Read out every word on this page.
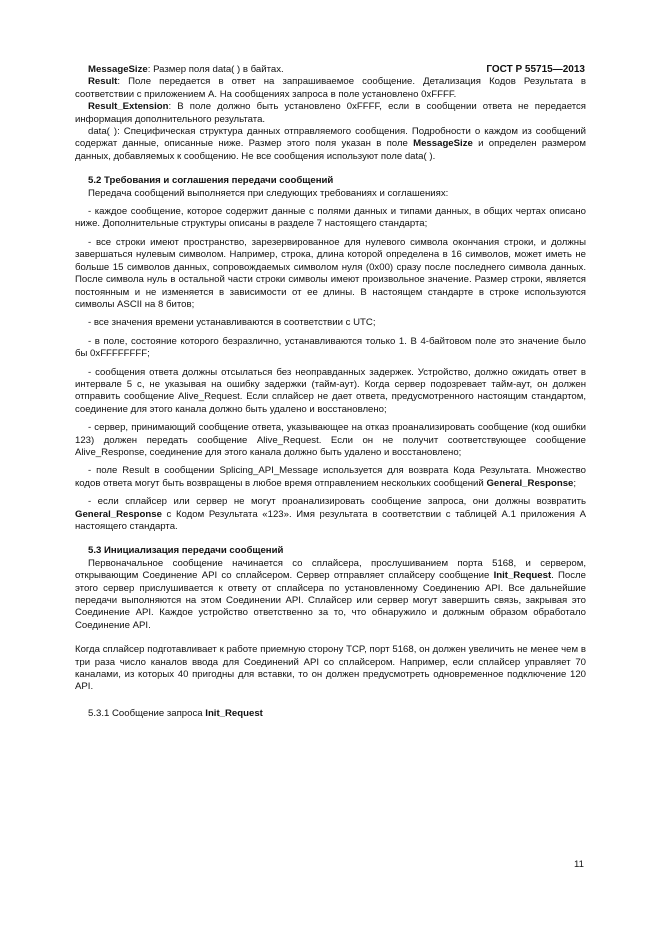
ГОСТ Р 55715—2013

MessageSize: Размер поля data( ) в байтах.

Result: Поле передается в ответ на запрашиваемое сообщение. Детализация Кодов Результата в соответствии с приложением А. На сообщениях запроса в поле установлено 0xFFFF.

Result_Extension: В поле должно быть установлено 0xFFFF, если в сообщении ответа не передается информация дополнительного результата.

data( ): Специфическая структура данных отправляемого сообщения. Подробности о каждом из сообщений содержат данные, описанные ниже. Размер этого поля указан в поле MessageSize и определен размером данных, добавляемых к сообщению. Не все сообщения используют поле data( ).

5.2 Требования и соглашения передачи сообщений

Передача сообщений выполняется при следующих требованиях и соглашениях:

- каждое сообщение, которое содержит данные с полями данных и типами данных, в общих чертах описано ниже. Дополнительные структуры описаны в разделе 7 настоящего стандарта;

- все строки имеют пространство, зарезервированное для нулевого символа окончания строки, и должны завершаться нулевым символом. Например, строка, длина которой определена в 16 символов, может иметь не больше 15 символов данных, сопровождаемых символом нуля (0x00) сразу после последнего символа данных. После символа нуль в остальной части строки символы имеют произвольное значение. Размер строки, является постоянным и не изменяется в зависимости от ее длины. В настоящем стандарте в строке используются символы ASCII на 8 битов;

- все значения времени устанавливаются в соответствии с UTC;

- в поле, состояние которого безразлично, устанавливаются только 1. В 4-байтовом поле это значение было бы 0xFFFFFFFF;

- сообщения ответа должны отсылаться без неоправданных задержек. Устройство, должно ожидать ответ в интервале 5 с, не указывая на ошибку задержки (тайм-аут). Когда сервер подозревает тайм-аут, он должен отправить сообщение Alive_Request. Если сплайсер не дает ответа, предусмотренного настоящим стандартом, соединение для этого канала должно быть удалено и восстановлено;

- сервер, принимающий сообщение ответа, указывающее на отказ проанализировать сообщение (код ошибки 123) должен передать сообщение Alive_Request. Если он не получит соответствующее сообщение Alive_Response, соединение для этого канала должно быть удалено и восстановлено;

- поле Result в сообщении Splicing_API_Message используется для возврата Кода Результата. Множество кодов ответа могут быть возвращены в любое время отправлением нескольких сообщений General_Response;

- если сплайсер или сервер не могут проанализировать сообщение запроса, они должны возвратить General_Response с Кодом Результата «123». Имя результата в соответствии с таблицей А.1 приложения А настоящего стандарта.

5.3 Инициализация передачи сообщений

Первоначальное сообщение начинается со сплайсера, прослушиванием порта 5168, и сервером, открывающим Соединение API со сплайсером. Сервер отправляет сплайсеру сообщение Init_Request. После этого сервер прислушивается к ответу от сплайсера по установленному Соединению API. Все дальнейшие передачи выполняются на этом Соединении API. Сплайсер или сервер могут завершить связь, закрывая это Соединение API. Каждое устройство ответственно за то, что обнаружило и должным образом обработало Соединение API.

Когда сплайсер подготавливает к работе приемную сторону TCP, порт 5168, он должен увеличить не менее чем в три раза число каналов ввода для Соединений API со сплайсером. Например, если сплайсер управляет 70 каналами, из которых 40 пригодны для вставки, то он должен предусмотреть одновременное подключение 120 API.

5.3.1 Сообщение запроса Init_Request

11
